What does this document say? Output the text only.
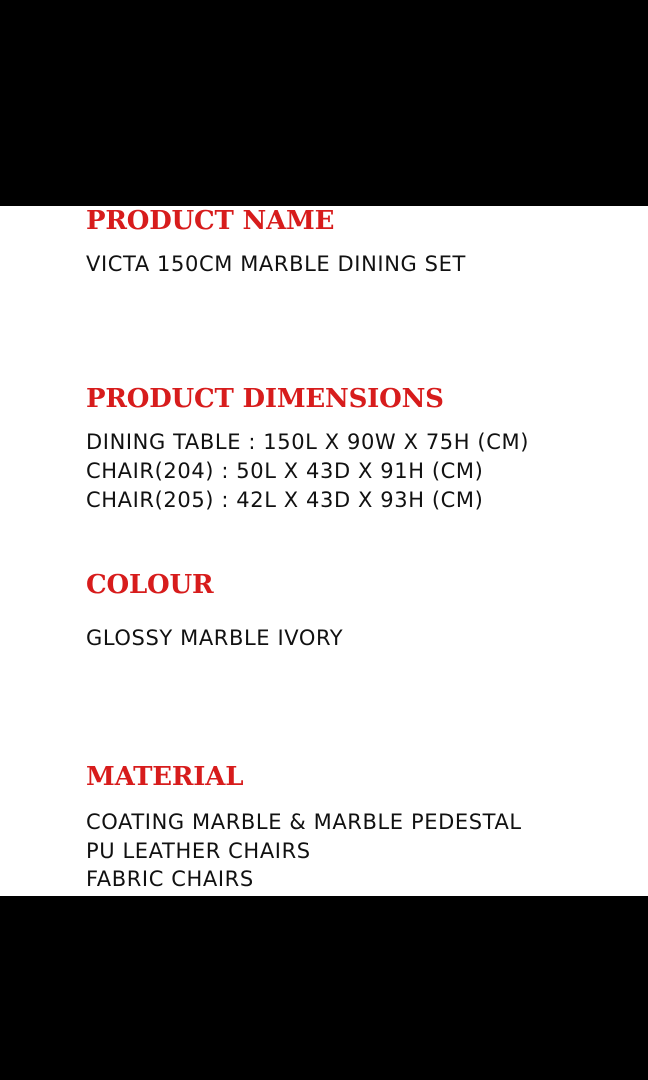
PRODUCT NAME

VICTA 150CM MARBLE DINING SET

PRODUCT DIMENSIONS

DINING TABLE : 150L X 90W X 75H (CM)

CHAIR(204) : 50L X 43D X 91H (CM)

CHAIR(205) : 42L X 43D X 93H (CM)

COLOUR

GLOSSY MARBLE IVORY

MATERIAL

COATING MARBLE & MARBLE PEDESTAL

PU LEATHER CHAIRS

FABRIC CHAIRS
